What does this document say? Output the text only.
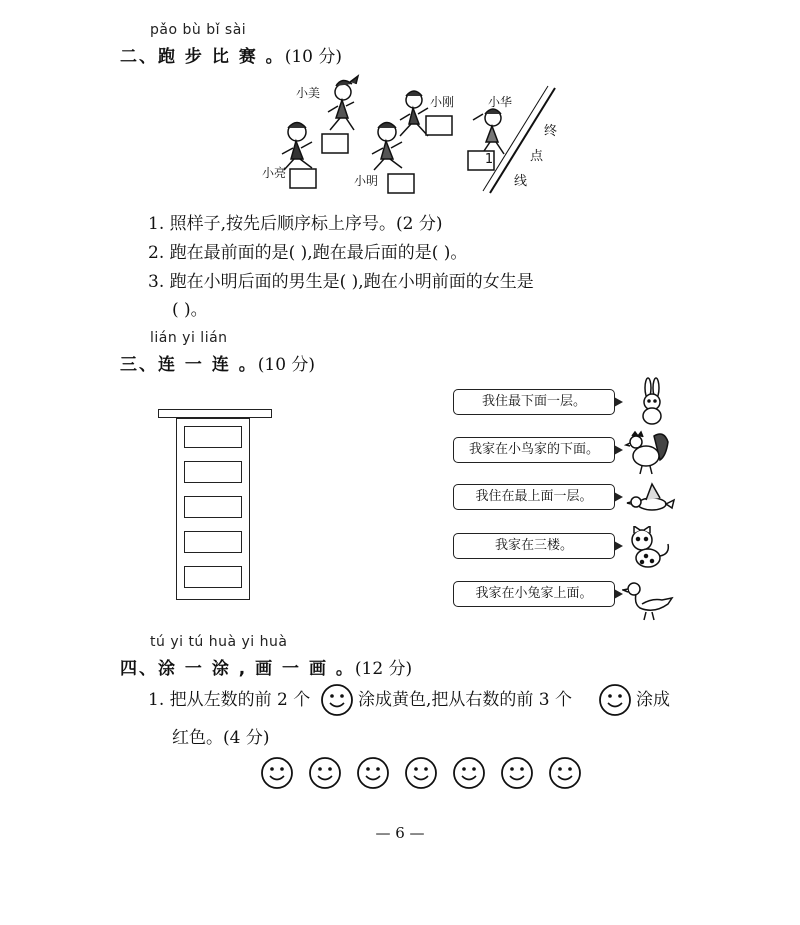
pǎo bù bǐ sài
二、跑 步 比 赛 。(10 分)
小美
小刚	小华
小亮
小明
终
点
线
1
1. 照样子,按先后顺序标上序号。(2 分)
2. 跑在最前面的是( ),跑在最后面的是( )。
3. 跑在小明后面的男生是( ),跑在小明前面的女生是
( )。
lián yi lián
三、连 一 连 。(10 分)
我住最下面一层。
我家在小鸟家的下面。
我住在最上面一层。
我家在三楼。
我家在小兔家上面。
tú yi tú huà yi huà
四、涂 一 涂 , 画 一 画 。(12 分)
1. 把从左数的前 2 个	涂成黄色,把从右数的前 3 个	涂成
红色。(4 分)
— 6 —
